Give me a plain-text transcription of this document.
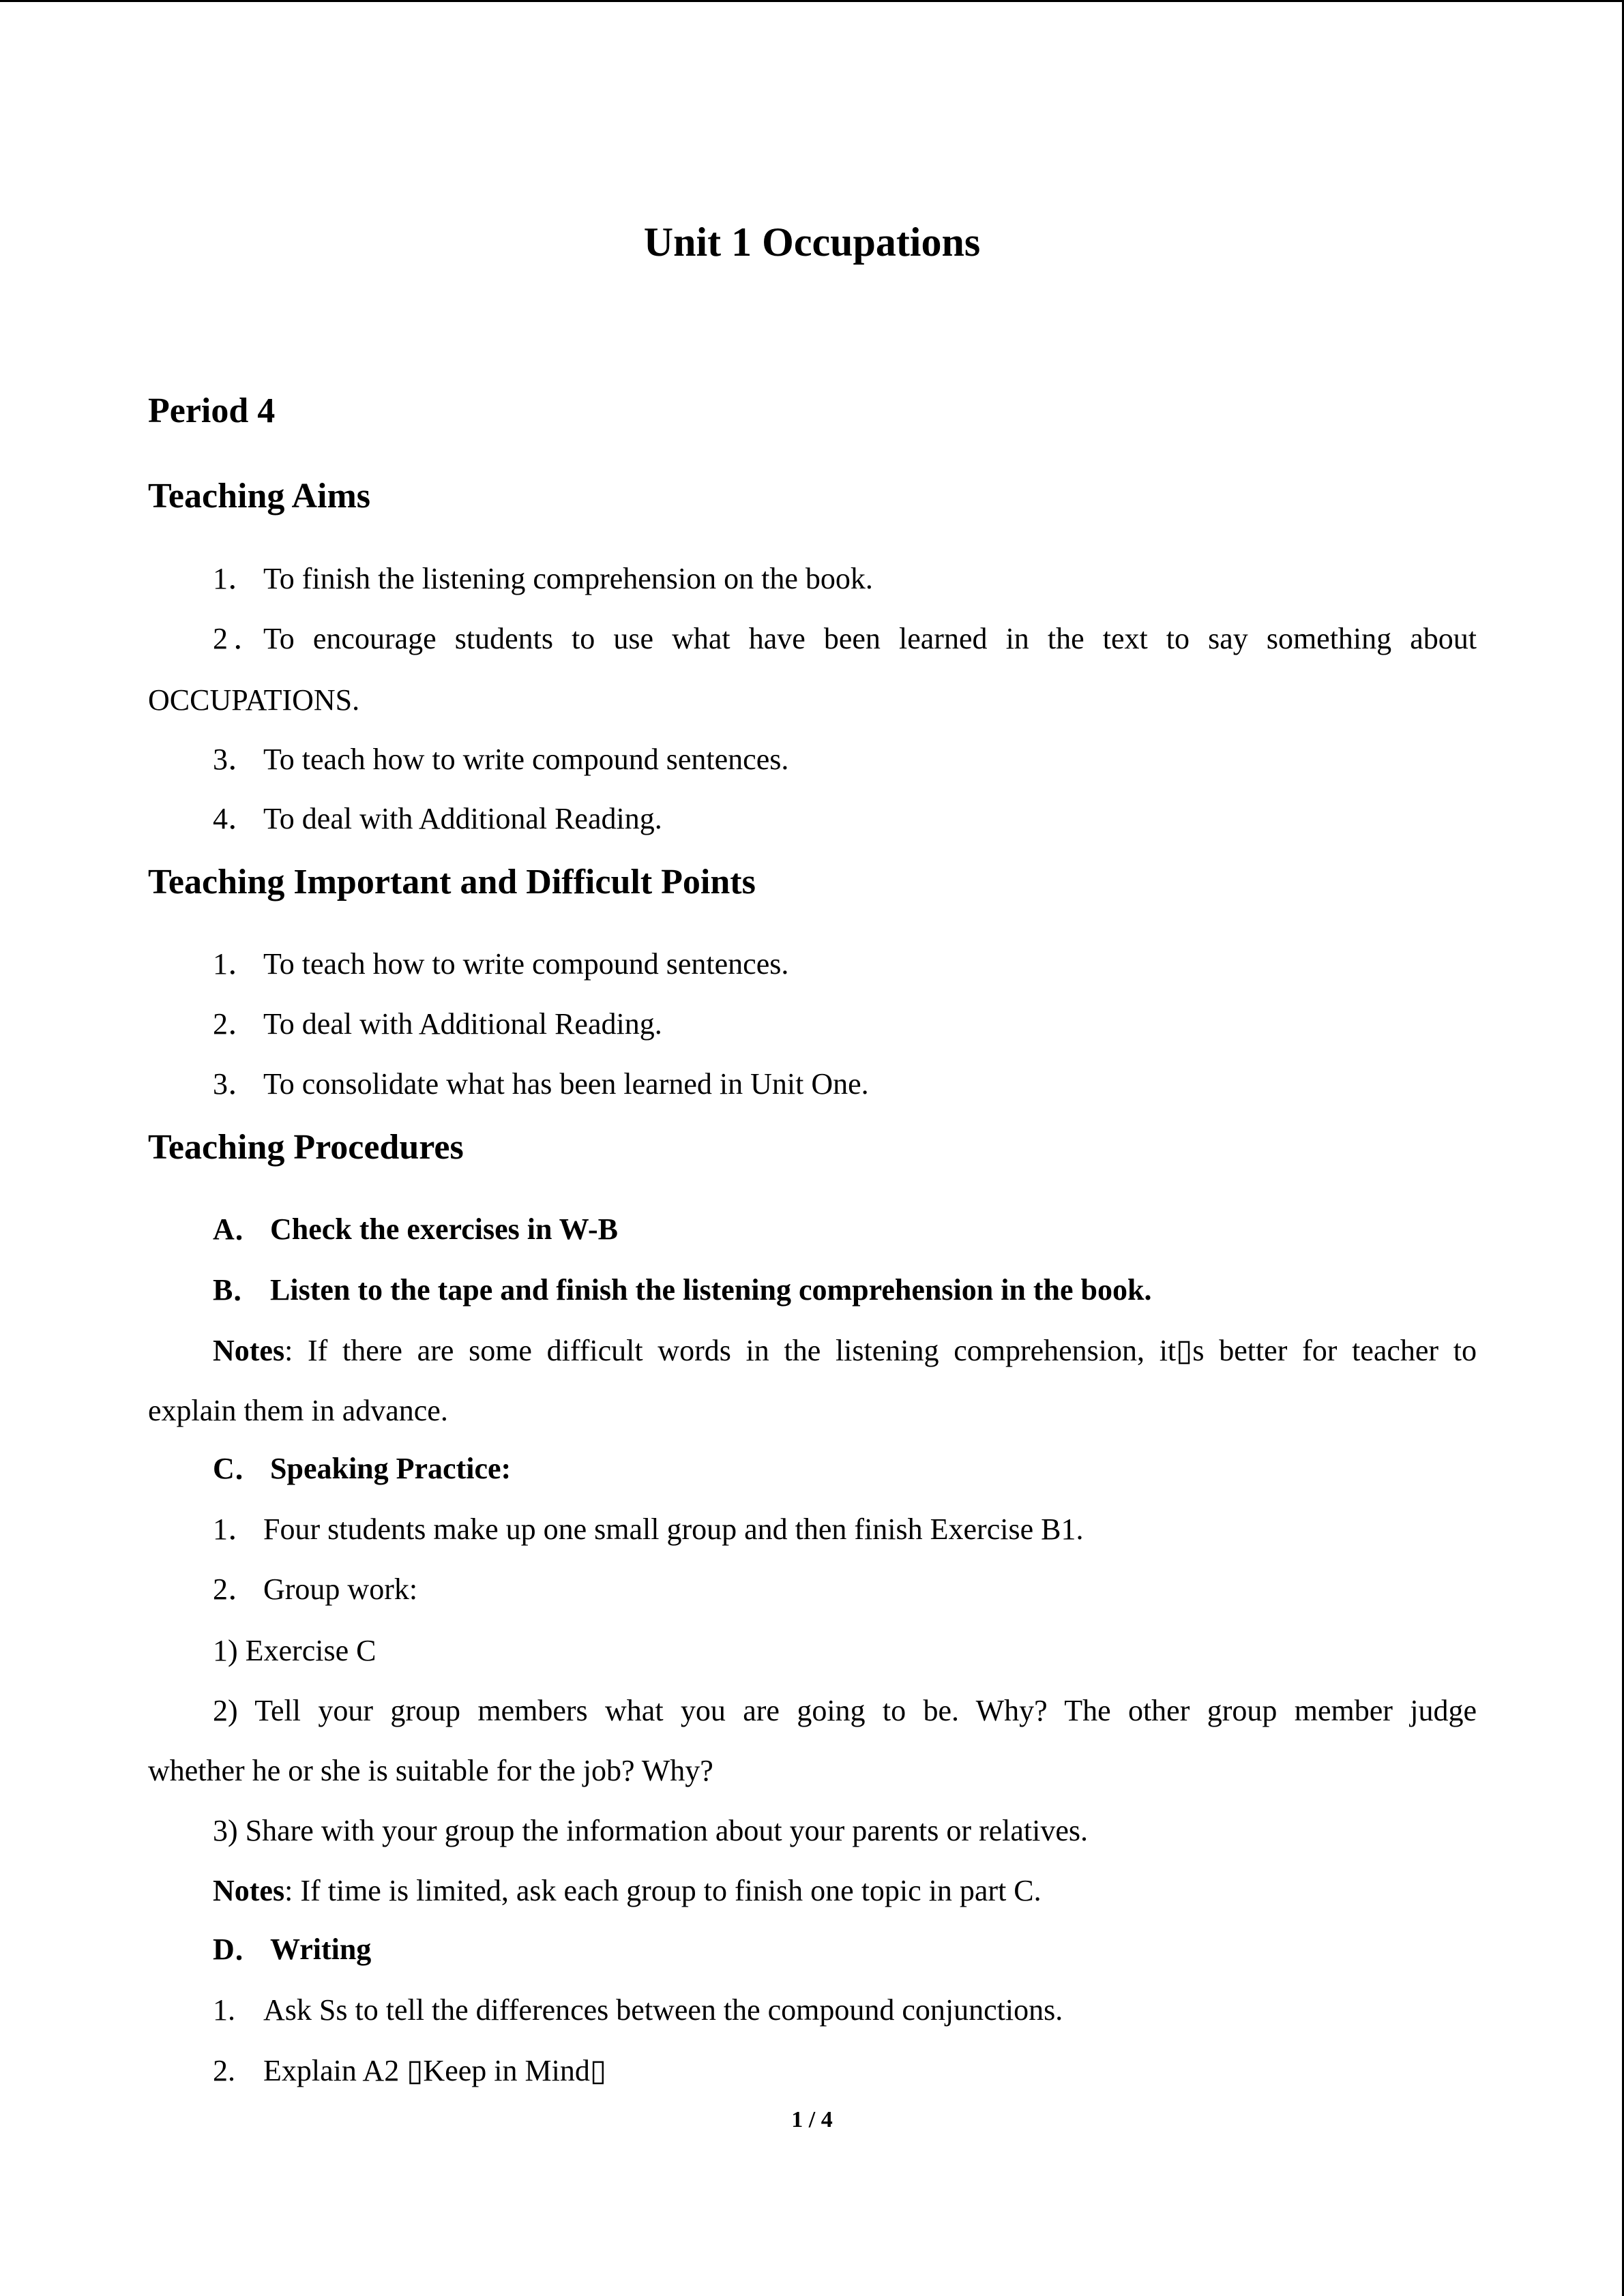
Unit 1 Occupations
Period 4
Teaching Aims

1． To finish the listening comprehension on the book.

2．To encourage students to use what have been learned in the text to say something about

OCCUPATIONS.

3． To teach how to write compound sentences.

4． To deal with Additional Reading.

Teaching Important and Difficult Points

1． To teach how to write compound sentences.

2． To deal with Additional Reading.

3． To consolidate what has been learned in Unit One.

Teaching Procedures

A． Check the exercises in W-B

B． Listen to the tape and finish the listening comprehension in the book.

Notes: If there are some difficult words in the listening comprehension, it▯s better for teacher to

explain them in advance.

C． Speaking Practice:

1． Four students make up one small group and then finish Exercise B1.

2． Group work:

1) Exercise C

2) Tell your group members what you are going to be. Why? The other group member judge

whether he or she is suitable for the job? Why?

3) Share with your group the information about your parents or relatives.

Notes: If time is limited, ask each group to finish one topic in part C.

D． Writing

1. Ask Ss to tell the differences between the compound conjunctions.

2. Explain A2 ▯Keep in Mind▯

1 / 4
